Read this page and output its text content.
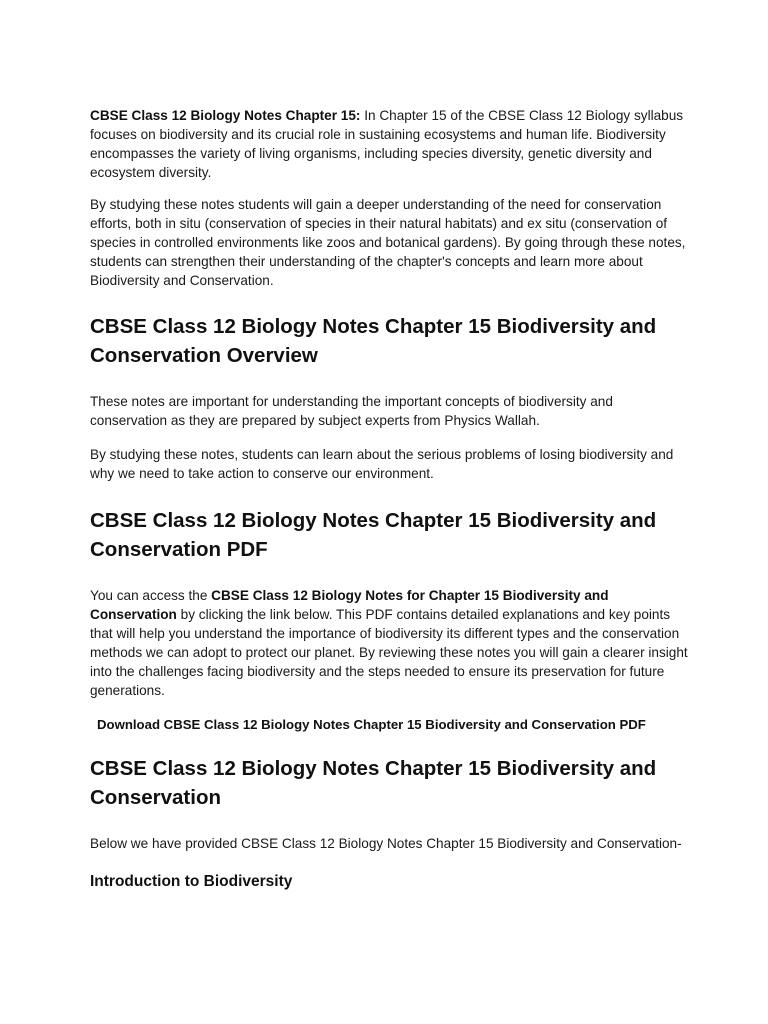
CBSE Class 12 Biology Notes Chapter 15: In Chapter 15 of the CBSE Class 12 Biology syllabus focuses on biodiversity and its crucial role in sustaining ecosystems and human life. Biodiversity encompasses the variety of living organisms, including species diversity, genetic diversity and ecosystem diversity.

By studying these notes students will gain a deeper understanding of the need for conservation efforts, both in situ (conservation of species in their natural habitats) and ex situ (conservation of species in controlled environments like zoos and botanical gardens). By going through these notes, students can strengthen their understanding of the chapter's concepts and learn more about Biodiversity and Conservation.

CBSE Class 12 Biology Notes Chapter 15 Biodiversity and Conservation Overview

These notes are important for understanding the important concepts of biodiversity and conservation as they are prepared by subject experts from Physics Wallah.

By studying these notes, students can learn about the serious problems of losing biodiversity and why we need to take action to conserve our environment.

CBSE Class 12 Biology Notes Chapter 15 Biodiversity and Conservation PDF

You can access the CBSE Class 12 Biology Notes for Chapter 15 Biodiversity and Conservation by clicking the link below. This PDF contains detailed explanations and key points that will help you understand the importance of biodiversity its different types and the conservation methods we can adopt to protect our planet. By reviewing these notes you will gain a clearer insight into the challenges facing biodiversity and the steps needed to ensure its preservation for future generations.

Download CBSE Class 12 Biology Notes Chapter 15 Biodiversity and Conservation PDF
CBSE Class 12 Biology Notes Chapter 15 Biodiversity and Conservation

Below we have provided CBSE Class 12 Biology Notes Chapter 15 Biodiversity and Conservation-

Introduction to Biodiversity
